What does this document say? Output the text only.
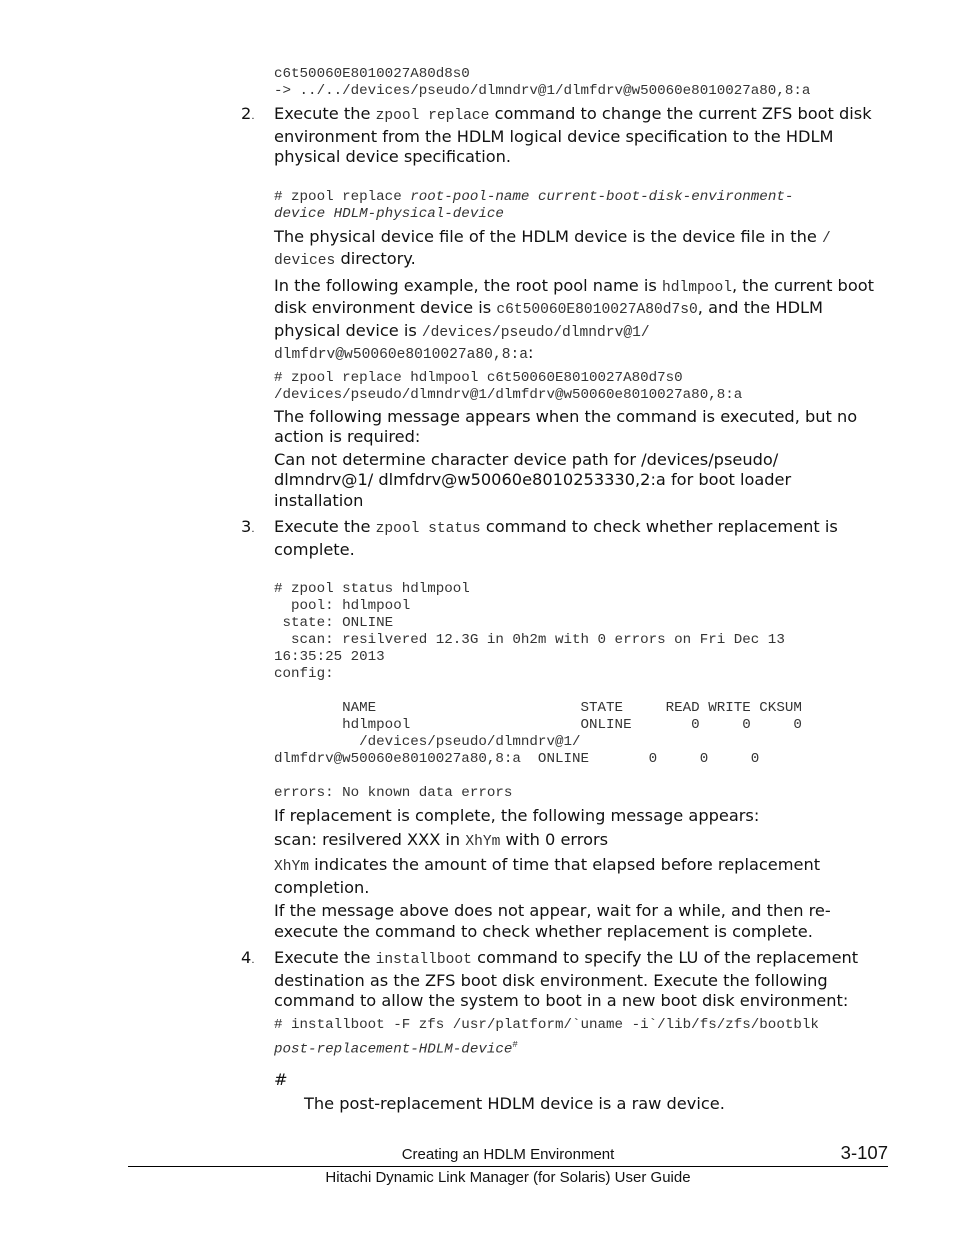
c6t50060E8010027A80d8s0
-> ../../devices/pseudo/dlmndrv@1/dlmfdrv@w50060e8010027a80,8:a
2. Execute the zpool replace command to change the current ZFS boot disk environment from the HDLM logical device specification to the HDLM physical device specification.

# zpool replace root-pool-name current-boot-disk-environment-
device HDLM-physical-device

The physical device file of the HDLM device is the device file in the /
devices directory.

In the following example, the root pool name is hdlmpool, the current boot disk environment device is c6t50060E8010027A80d7s0, and the HDLM physical device is /devices/pseudo/dlmndrv@1/
dlmfdrv@w50060e8010027a80,8:a:

# zpool replace hdlmpool c6t50060E8010027A80d7s0
/devices/pseudo/dlmndrv@1/dlmfdrv@w50060e8010027a80,8:a

The following message appears when the command is executed, but no action is required:

Can not determine character device path for /devices/pseudo/ dlmndrv@1/ dlmfdrv@w50060e8010253330,2:a for boot loader installation

3. Execute the zpool status command to check whether replacement is complete.

# zpool status hdlmpool
pool: hdlmpool
state: ONLINE
scan: resilvered 12.3G in 0h2m with 0 errors on Fri Dec 13
16:35:25 2013
config:

NAME                        STATE     READ WRITE CKSUM
hdlmpool                    ONLINE       0     0     0
/devices/pseudo/dlmndrv@1/
dlmfdrv@w50060e8010027a80,8:a  ONLINE       0     0     0

errors: No known data errors

If replacement is complete, the following message appears:

scan: resilvered XXX in XhYm with 0 errors

XhYm indicates the amount of time that elapsed before replacement completion.

If the message above does not appear, wait for a while, and then re-execute the command to check whether replacement is complete.

4. Execute the installboot command to specify the LU of the replacement destination as the ZFS boot disk environment. Execute the following command to allow the system to boot in a new boot disk environment:

# installboot -F zfs /usr/platform/`uname -i`/lib/fs/zfs/bootblk
post-replacement-HDLM-device#

#

The post-replacement HDLM device is a raw device.

Creating an HDLM Environment	3-107
Hitachi Dynamic Link Manager (for Solaris) User Guide
